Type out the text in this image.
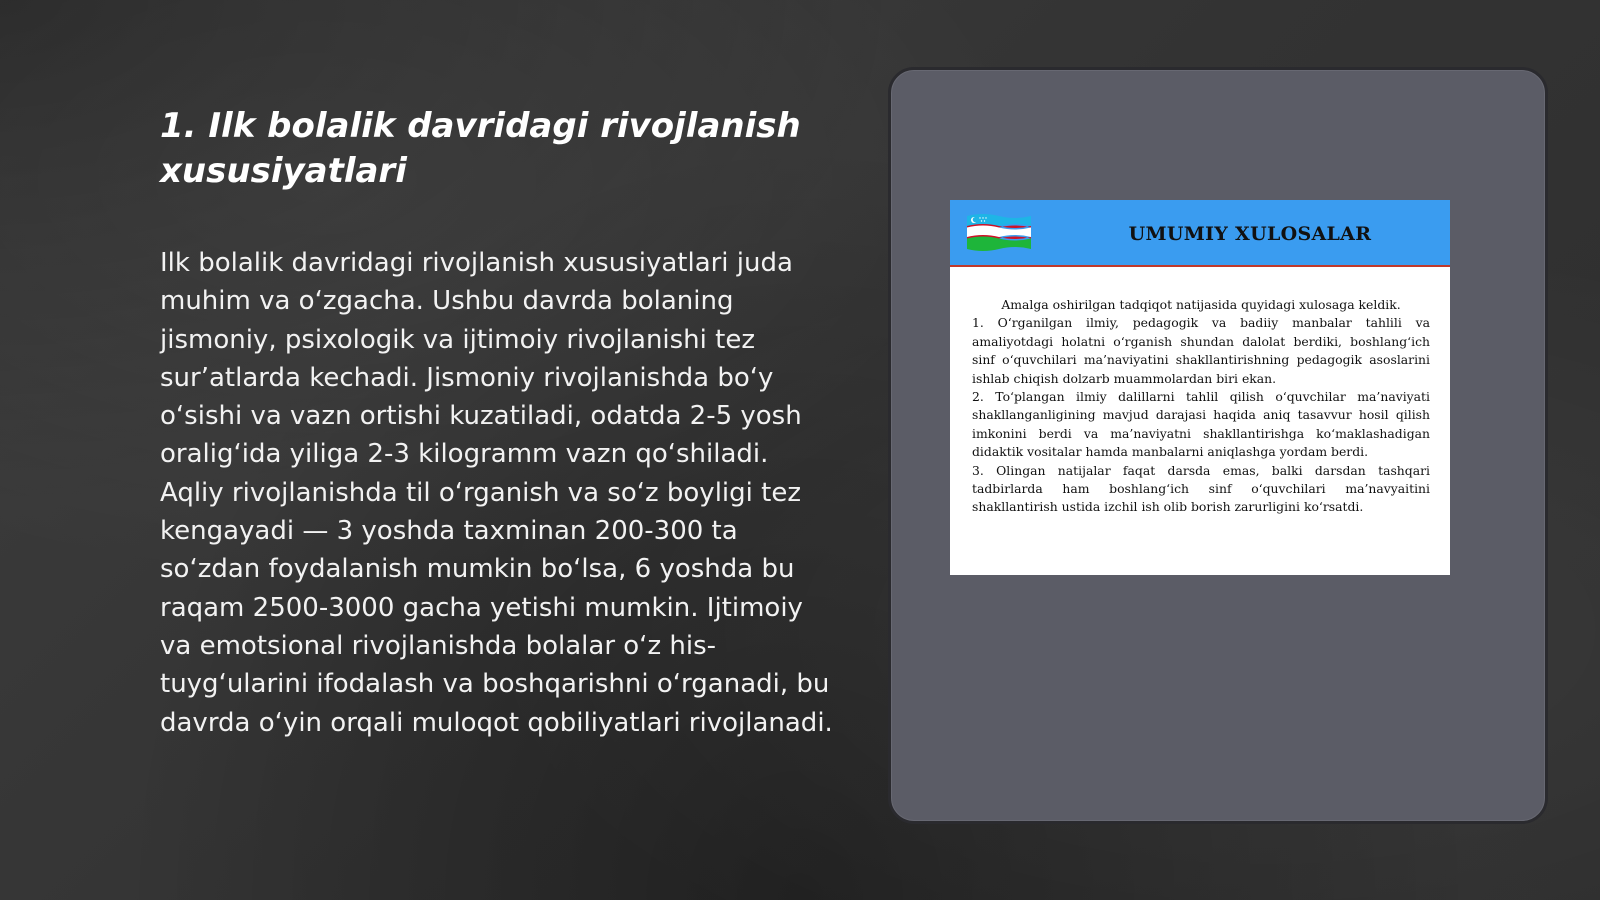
1. Ilk bolalik davridagi rivojlanish xususiyatlari

Ilk bolalik davridagi rivojlanish xususiyatlari juda muhim va o‘zgacha. Ushbu davrda bolaning jismoniy, psixologik va ijtimoiy rivojlanishi tez sur’atlarda kechadi. Jismoniy rivojlanishda bo‘y o‘sishi va vazn ortishi kuzatiladi, odatda 2-5 yosh oralig‘ida yiliga 2-3 kilogramm vazn qo‘shiladi. Aqliy rivojlanishda til o‘rganish va so‘z boyligi tez kengayadi — 3 yoshda taxminan 200-300 ta so‘zdan foydalanish mumkin bo‘lsa, 6 yoshda bu raqam 2500-3000 gacha yetishi mumkin. Ijtimoiy va emotsional rivojlanishda bolalar o‘z his-tuyg‘ularini ifodalash va boshqarishni o‘rganadi, bu davrda o‘yin orqali muloqot qobiliyatlari rivojlanadi.

UMUMIY XULOSALAR

Amalga oshirilgan tadqiqot natijasida quyidagi xulosaga keldik.

1. O‘rganilgan ilmiy, pedagogik va badiiy manbalar tahlili va amaliyotdagi holatni o‘rganish shundan dalolat berdiki, boshlang‘ich sinf o‘quvchilari ma’naviyatini shakllantirishning pedagogik asoslarini ishlab chiqish dolzarb muammolardan biri ekan.

2. To‘plangan ilmiy dalillarni tahlil qilish o‘quvchilar ma’naviyati shakllanganligining mavjud darajasi haqida aniq tasavvur hosil qilish imkonini berdi va ma’naviyatni shakllantirishga ko‘maklashadigan didaktik vositalar hamda manbalarni aniqlashga yordam berdi.

3. Olingan natijalar faqat darsda emas, balki darsdan tashqari tadbirlarda ham boshlang‘ich sinf o‘quvchilari ma’navyaitini shakllantirish ustida izchil ish olib borish zarurligini ko‘rsatdi.
